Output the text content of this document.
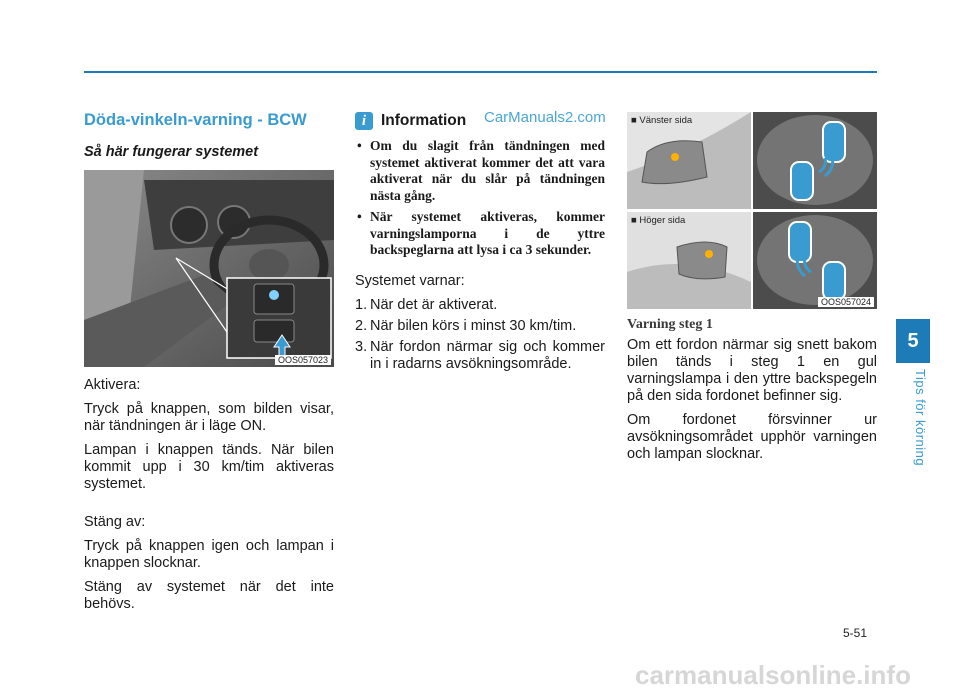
Döda-vinkeln-varning - BCW
Så här fungerar systemet
OOS057023

Aktivera:

Tryck på knappen, som bilden visar, när tändningen är i läge ON.

Lampan i knappen tänds. När bilen kommit upp i 30 km/tim aktiveras systemet.

Stäng av:

Tryck på knappen igen och lampan i knappen slocknar.

Stäng av systemet när det inte behövs.

i Information
• Om du slagit från tändningen med systemet aktiverat kommer det att vara aktiverat när du slår på tändningen nästa gång.
• När systemet aktiveras, kommer varningslamporna i de yttre backspeglarna att lysa i ca 3 sekunder.

Systemet varnar:

1. När det är aktiverat.
2. När bilen körs i minst 30 km/tim.
3. När fordon närmar sig och kommer in i radarns avsökningsområde.
CarManuals2.com	■ Vänster sida
■ Höger sida
OOS057024
Varning steg 1

Om ett fordon närmar sig snett bakom bilen tänds i steg 1 en gul varningslampa i den yttre backspegeln på den sida fordonet befinner sig.

Om fordonet försvinner ur avsökningsområdet upphör varningen och lampan slocknar.

5
Tips för körning
5-51
carmanualsonline.info
